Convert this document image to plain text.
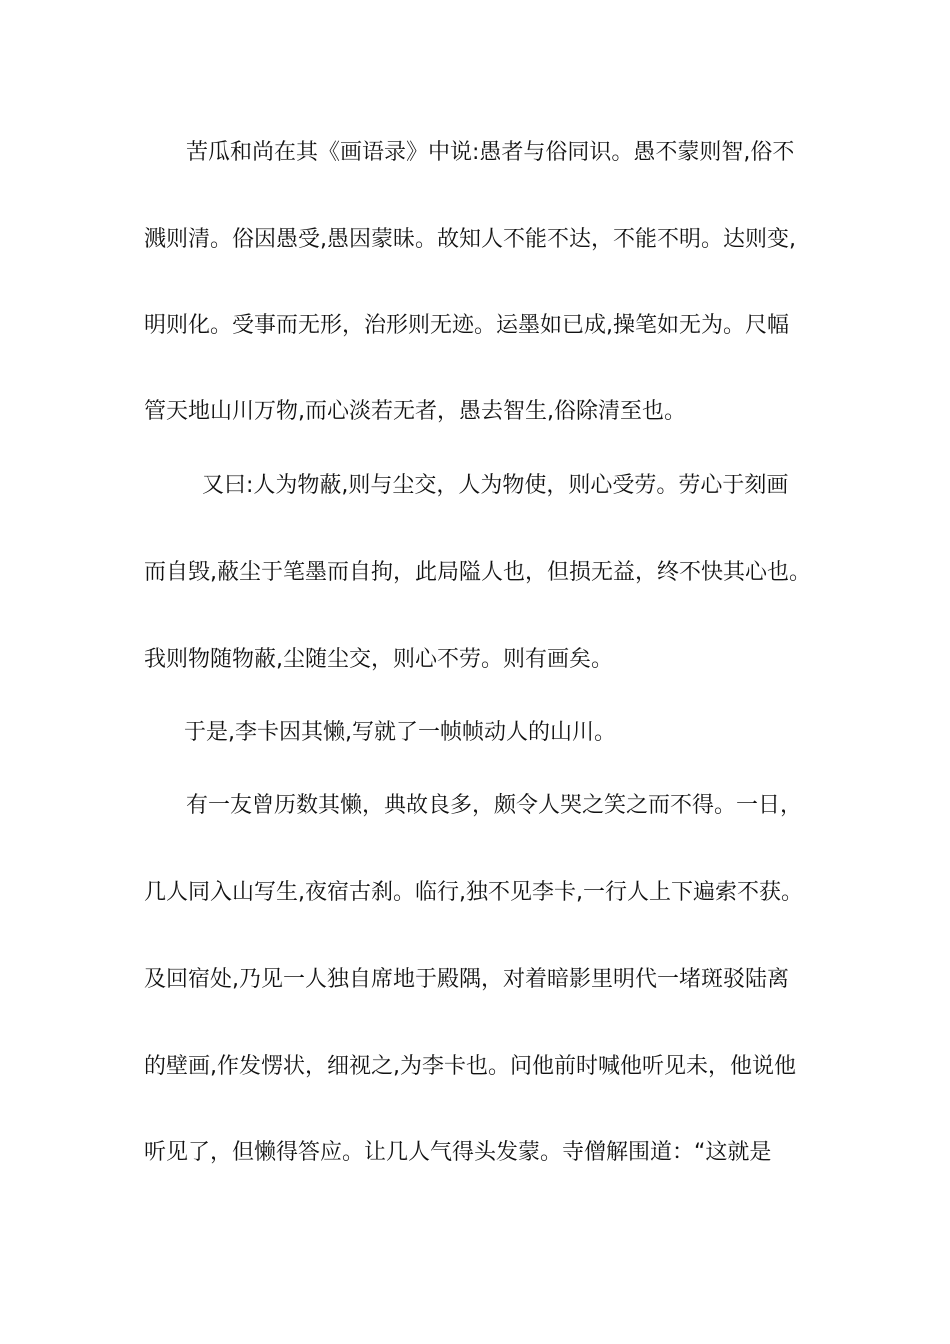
苦瓜和尚在其《画语录》中说:愚者与俗同识。愚不蒙则智,俗不
溅则清。俗因愚受,愚因蒙昧。故知人不能不达，不能不明。达则变,
明则化。受事而无形，治形则无迹。运墨如已成,操笔如无为。尺幅
管天地山川万物,而心淡若无者，愚去智生,俗除清至也。
又曰:人为物蔽,则与尘交，人为物使，则心受劳。劳心于刻画
而自毁,蔽尘于笔墨而自拘，此局隘人也，但损无益，终不快其心也。
我则物随物蔽,尘随尘交，则心不劳。则有画矣。
于是,李卡因其懒,写就了一帧帧动人的山川。
有一友曾历数其懒，典故良多，颇令人哭之笑之而不得。一日，
几人同入山写生,夜宿古刹。临行,独不见李卡,一行人上下遍索不获。
及回宿处,乃见一人独自席地于殿隅，对着暗影里明代一堵斑驳陆离
的壁画,作发愣状，细视之,为李卡也。问他前时喊他听见未，他说他
听见了，但懒得答应。让几人气得头发蒙。寺僧解围道：“这就是
